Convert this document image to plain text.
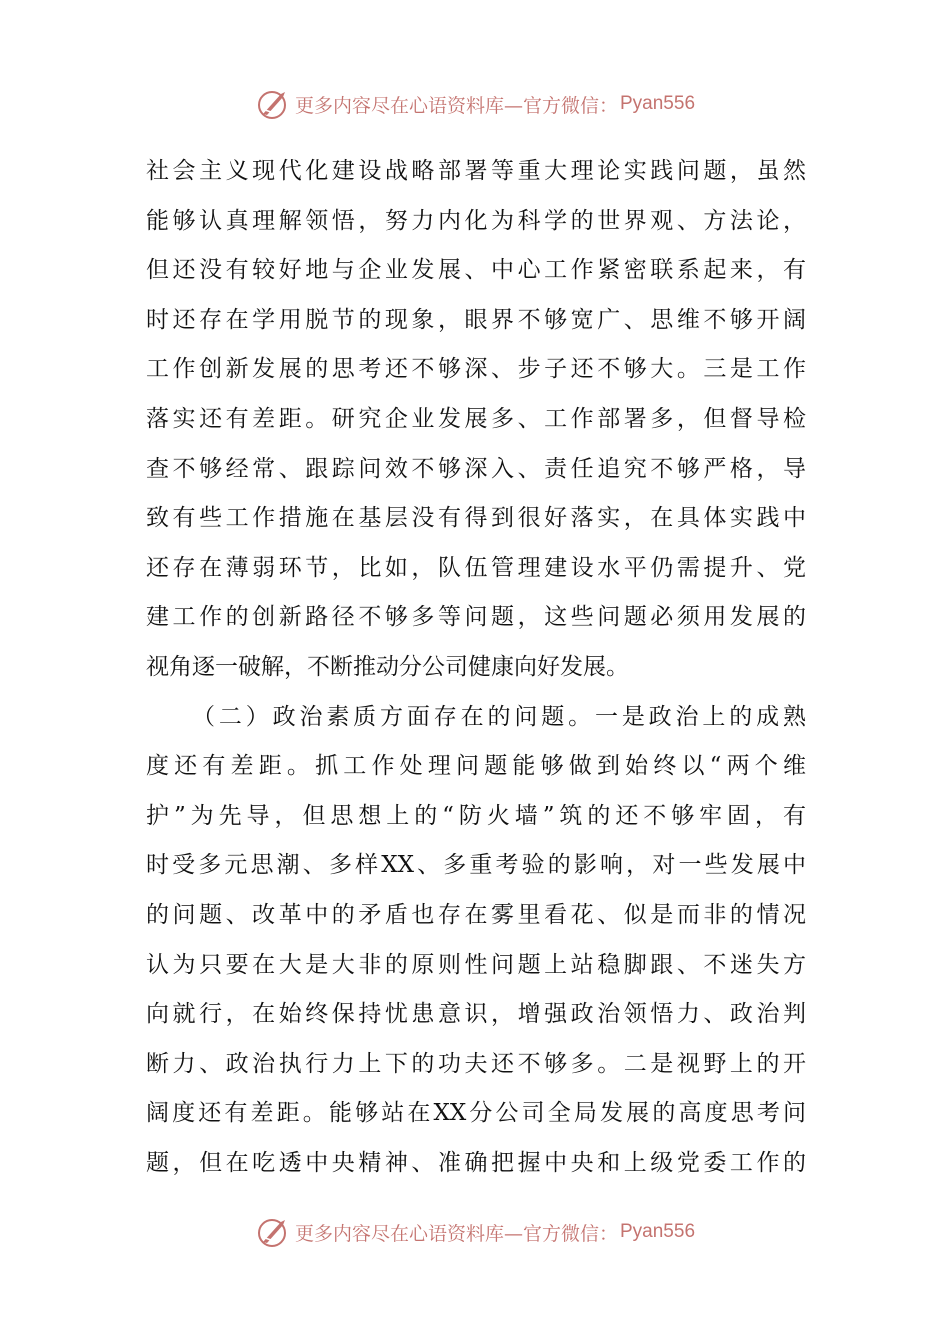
更多内容尽在心语资料库—官方微信： Pyan556
社会主义现代化建设战略部署等重大理论实践问题，虽然
能够认真理解领悟，努力内化为科学的世界观、方法论，
但还没有较好地与企业发展、中心工作紧密联系起来，有
时还存在学用脱节的现象，眼界不够宽广、思维不够开阔
工作创新发展的思考还不够深、步子还不够大。三是工作
落实还有差距。研究企业发展多、工作部署多，但督导检
查不够经常、跟踪问效不够深入、责任追究不够严格，导
致有些工作措施在基层没有得到很好落实，在具体实践中
还存在薄弱环节，比如，队伍管理建设水平仍需提升、党
建工作的创新路径不够多等问题，这些问题必须用发展的
视角逐一破解，不断推动分公司健康向好发展。
（二）政治素质方面存在的问题。一是政治上的成熟
度还有差距。抓工作处理问题能够做到始终以“两个维
护”为先导，但思想上的“防火墙”筑的还不够牢固，有
时受多元思潮、多样XX、多重考验的影响，对一些发展中
的问题、改革中的矛盾也存在雾里看花、似是而非的情况
认为只要在大是大非的原则性问题上站稳脚跟、不迷失方
向就行，在始终保持忧患意识，增强政治领悟力、政治判
断力、政治执行力上下的功夫还不够多。二是视野上的开
阔度还有差距。能够站在XX分公司全局发展的高度思考问
题，但在吃透中央精神、准确把握中央和上级党委工作的
更多内容尽在心语资料库—官方微信： Pyan556
